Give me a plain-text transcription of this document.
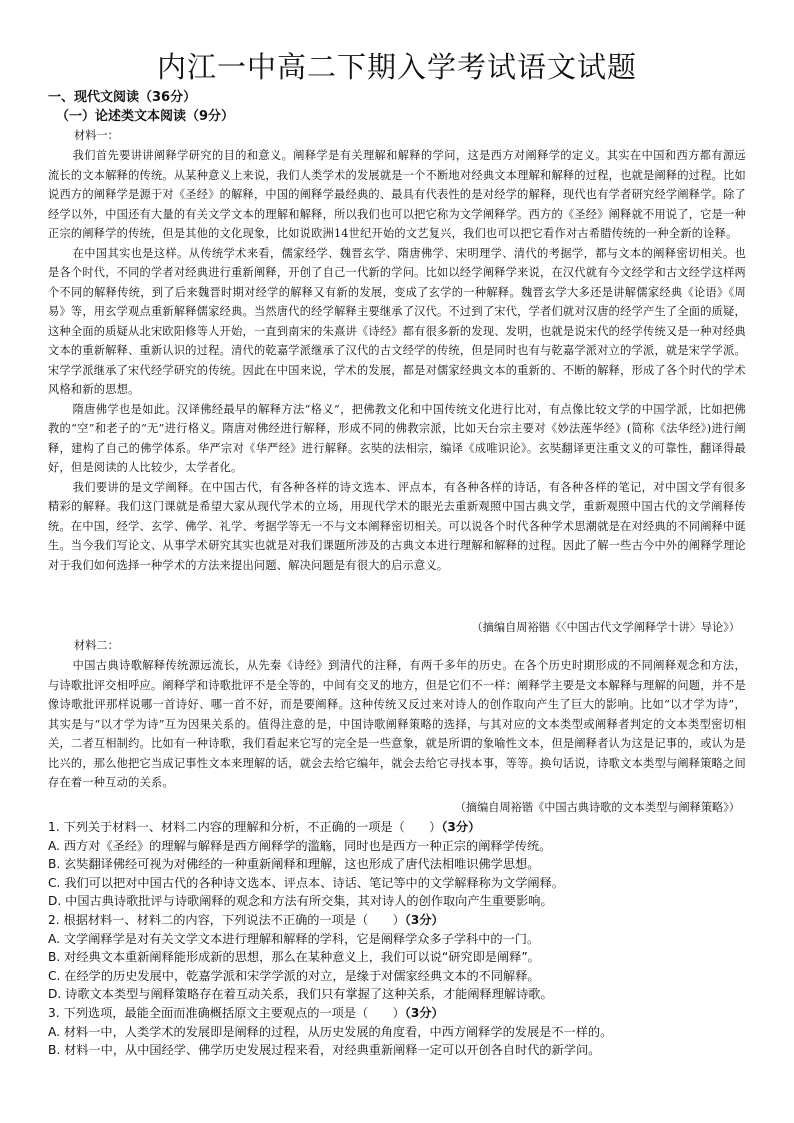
内江一中高二下期入学考试语文试题
一、现代文阅读（36分）
（一）论述类文本阅读（9分）
材料一：

我们首先要讲讲阐释学研究的目的和意义。阐释学是有关理解和解释的学问，这是西方对阐释学的定义。其实在中国和西方都有源远流长的文本解释的传统。从某种意义上来说，我们人类学术的发展就是一个不断地对经典文本理解和解释的过程，也就是阐释的过程。比如说西方的阐释学是源于对《圣经》的解释，中国的阐释学最经典的、最具有代表性的是对经学的解释，现代也有学者研究经学阐释学。除了经学以外，中国还有大量的有关文学文本的理解和解释，所以我们也可以把它称为文学阐释学。西方的《圣经》阐释就不用说了，它是一种正宗的阐释学的传统，但是其他的文化现象，比如说欧洲14世纪开始的文艺复兴，我们也可以把它看作对古希腊传统的一种全新的诠释。

在中国其实也是这样。从传统学术来看，儒家经学、魏晋玄学、隋唐佛学、宋明理学、清代的考据学，都与文本的阐释密切相关。也是各个时代，不同的学者对经典进行重新阐释，开创了自己一代新的学问。比如以经学阐释学来说，在汉代就有今文经学和古文经学这样两个不同的解释传统，到了后来魏晋时期对经学的解释又有新的发展，变成了玄学的一种解释。魏晋玄学大多还是讲解儒家经典《论语》《周易》等，用玄学观点重新解释儒家经典。当然唐代的经学解释主要继承了汉代。不过到了宋代，学者们就对汉唐的经学产生了全面的质疑，这种全面的质疑从北宋欧阳修等人开始，一直到南宋的朱熹讲《诗经》都有很多新的发现、发明，也就是说宋代的经学传统又是一种对经典文本的重新解释、重新认识的过程。清代的乾嘉学派继承了汉代的古文经学的传统，但是同时也有与乾嘉学派对立的学派，就是宋学学派。宋学学派继承了宋代经学研究的传统。因此在中国来说，学术的发展，都是对儒家经典文本的重新的、不断的解释，形成了各个时代的学术风格和新的思想。

隋唐佛学也是如此。汉译佛经最早的解释方法“格义”，把佛教文化和中国传统文化进行比对，有点像比较文学的中国学派，比如把佛教的“空”和老子的“无”进行格义。隋唐对佛经进行解释，形成不同的佛教宗派，比如天台宗主要对《妙法莲华经》(简称《法华经》)进行阐释，建构了自己的佛学体系。华严宗对《华严经》进行解释。玄奘的法相宗，编译《成唯识论》。玄奘翻译更注重文义的可靠性，翻译得最好，但是阅读的人比较少，太学者化。

我们要讲的是文学阐释。在中国古代，有各种各样的诗文选本、评点本，有各种各样的诗话，有各种各样的笔记，对中国文学有很多精彩的解释。我们这门课就是希望大家从现代学术的立场，用现代学术的眼光去重新观照中国古典文学，重新观照中国古代的文学阐释传统。在中国，经学、玄学、佛学、礼学、考据学等无一不与文本阐释密切相关。可以说各个时代各种学术思潮就是在对经典的不同阐释中诞生。当今我们写论文、从事学术研究其实也就是对我们课题所涉及的古典文本进行理解和解释的过程。因此了解一些古今中外的阐释学理论对于我们如何选择一种学术的方法来提出问题、解决问题是有很大的启示意义。

（摘编自周裕锴《〈中国古代文学阐释学十讲〉导论》）
材料二：

中国古典诗歌解释传统源远流长，从先秦《诗经》到清代的注释，有两千多年的历史。在各个历史时期形成的不同阐释观念和方法，与诗歌批评交相呼应。阐释学和诗歌批评不是全等的，中间有交叉的地方，但是它们不一样：阐释学主要是文本解释与理解的问题，并不是像诗歌批评那样说哪一首诗好、哪一首不好，而是要阐释。这种传统又反过来对诗人的创作取向产生了巨大的影响。比如“以才学为诗”，其实是与“以才学为诗”互为因果关系的。值得注意的是，中国诗歌阐释策略的选择，与其对应的文本类型或阐释者判定的文本类型密切相关，二者互相制约。比如有一种诗歌，我们看起来它写的完全是一些意象，就是所谓的象喻性文本，但是阐释者认为这是记事的，或认为是比兴的，那么他把它当成记事性文本来理解的话，就会去给它编年，就会去给它寻找本事，等等。换句话说，诗歌文本类型与阐释策略之间存在着一种互动的关系。

（摘编自周裕锴《中国古典诗歌的文本类型与阐释策略》）
1. 下列关于材料一、材料二内容的理解和分析，不正确的一项是（　　）（3分）
A. 西方对《圣经》的理解与解释是西方阐释学的滥觞，同时也是西方一种正宗的阐释学传统。
B. 玄奘翻译佛经可视为对佛经的一种重新阐释和理解，这也形成了唐代法相唯识佛学思想。
C. 我们可以把对中国古代的各种诗文选本、评点本、诗话、笔记等中的文学解释称为文学阐释。
D. 中国古典诗歌批评与诗歌阐释的观念和方法有所交集，其对诗人的创作取向产生重要影响。
2. 根据材料一、材料二的内容，下列说法不正确的一项是（　　）（3分）
A. 文学阐释学是对有关文学文本进行理解和解释的学科，它是阐释学众多子学科中的一门。
B. 对经典文本重新阐释能形成新的思想，那么在某种意义上，我们可以说“研究即是阐释”。
C. 在经学的历史发展中，乾嘉学派和宋学学派的对立，是缘于对儒家经典文本的不同解释。
D. 诗歌文本类型与阐释策略存在着互动关系，我们只有掌握了这种关系，才能阐释理解诗歌。
3. 下列选项，最能全面而准确概括原文主要观点的一项是（　　）（3分）
A. 材料一中，人类学术的发展即是阐释的过程，从历史发展的角度看，中西方阐释学的发展是不一样的。
B. 材料一中，从中国经学、佛学历史发展过程来看，对经典重新阐释一定可以开创各自时代的新学问。
